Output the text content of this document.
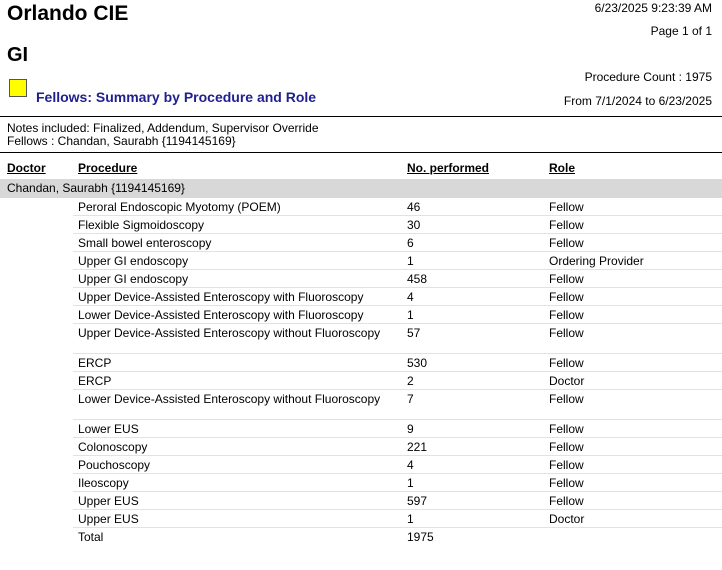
Orlando CIE	6/23/2025 9:23:39 AM
Page 1 of 1
GI
Procedure Count : 1975
Fellows: Summary by Procedure and Role	From 7/1/2024 to 6/23/2025
Notes included: Finalized, Addendum, Supervisor Override
Fellows : Chandan, Saurabh {1194145169}
Doctor	Procedure	No. performed	Role
Chandan, Saurabh {1194145169}
Peroral Endoscopic Myotomy (POEM)	46	Fellow
Flexible Sigmoidoscopy	30	Fellow
Small bowel enteroscopy	6	Fellow
Upper GI endoscopy	1	Ordering Provider
Upper GI endoscopy	458	Fellow
Upper Device-Assisted Enteroscopy with Fluoroscopy	4	Fellow
Lower Device-Assisted Enteroscopy with Fluoroscopy	1	Fellow
Upper Device-Assisted Enteroscopy without Fluoroscopy	57	Fellow
ERCP	530	Fellow
ERCP	2	Doctor
Lower Device-Assisted Enteroscopy without Fluoroscopy	7	Fellow
Lower EUS	9	Fellow
Colonoscopy	221	Fellow
Pouchoscopy	4	Fellow
Ileoscopy	1	Fellow
Upper EUS	597	Fellow
Upper EUS	1	Doctor
Total	1975
